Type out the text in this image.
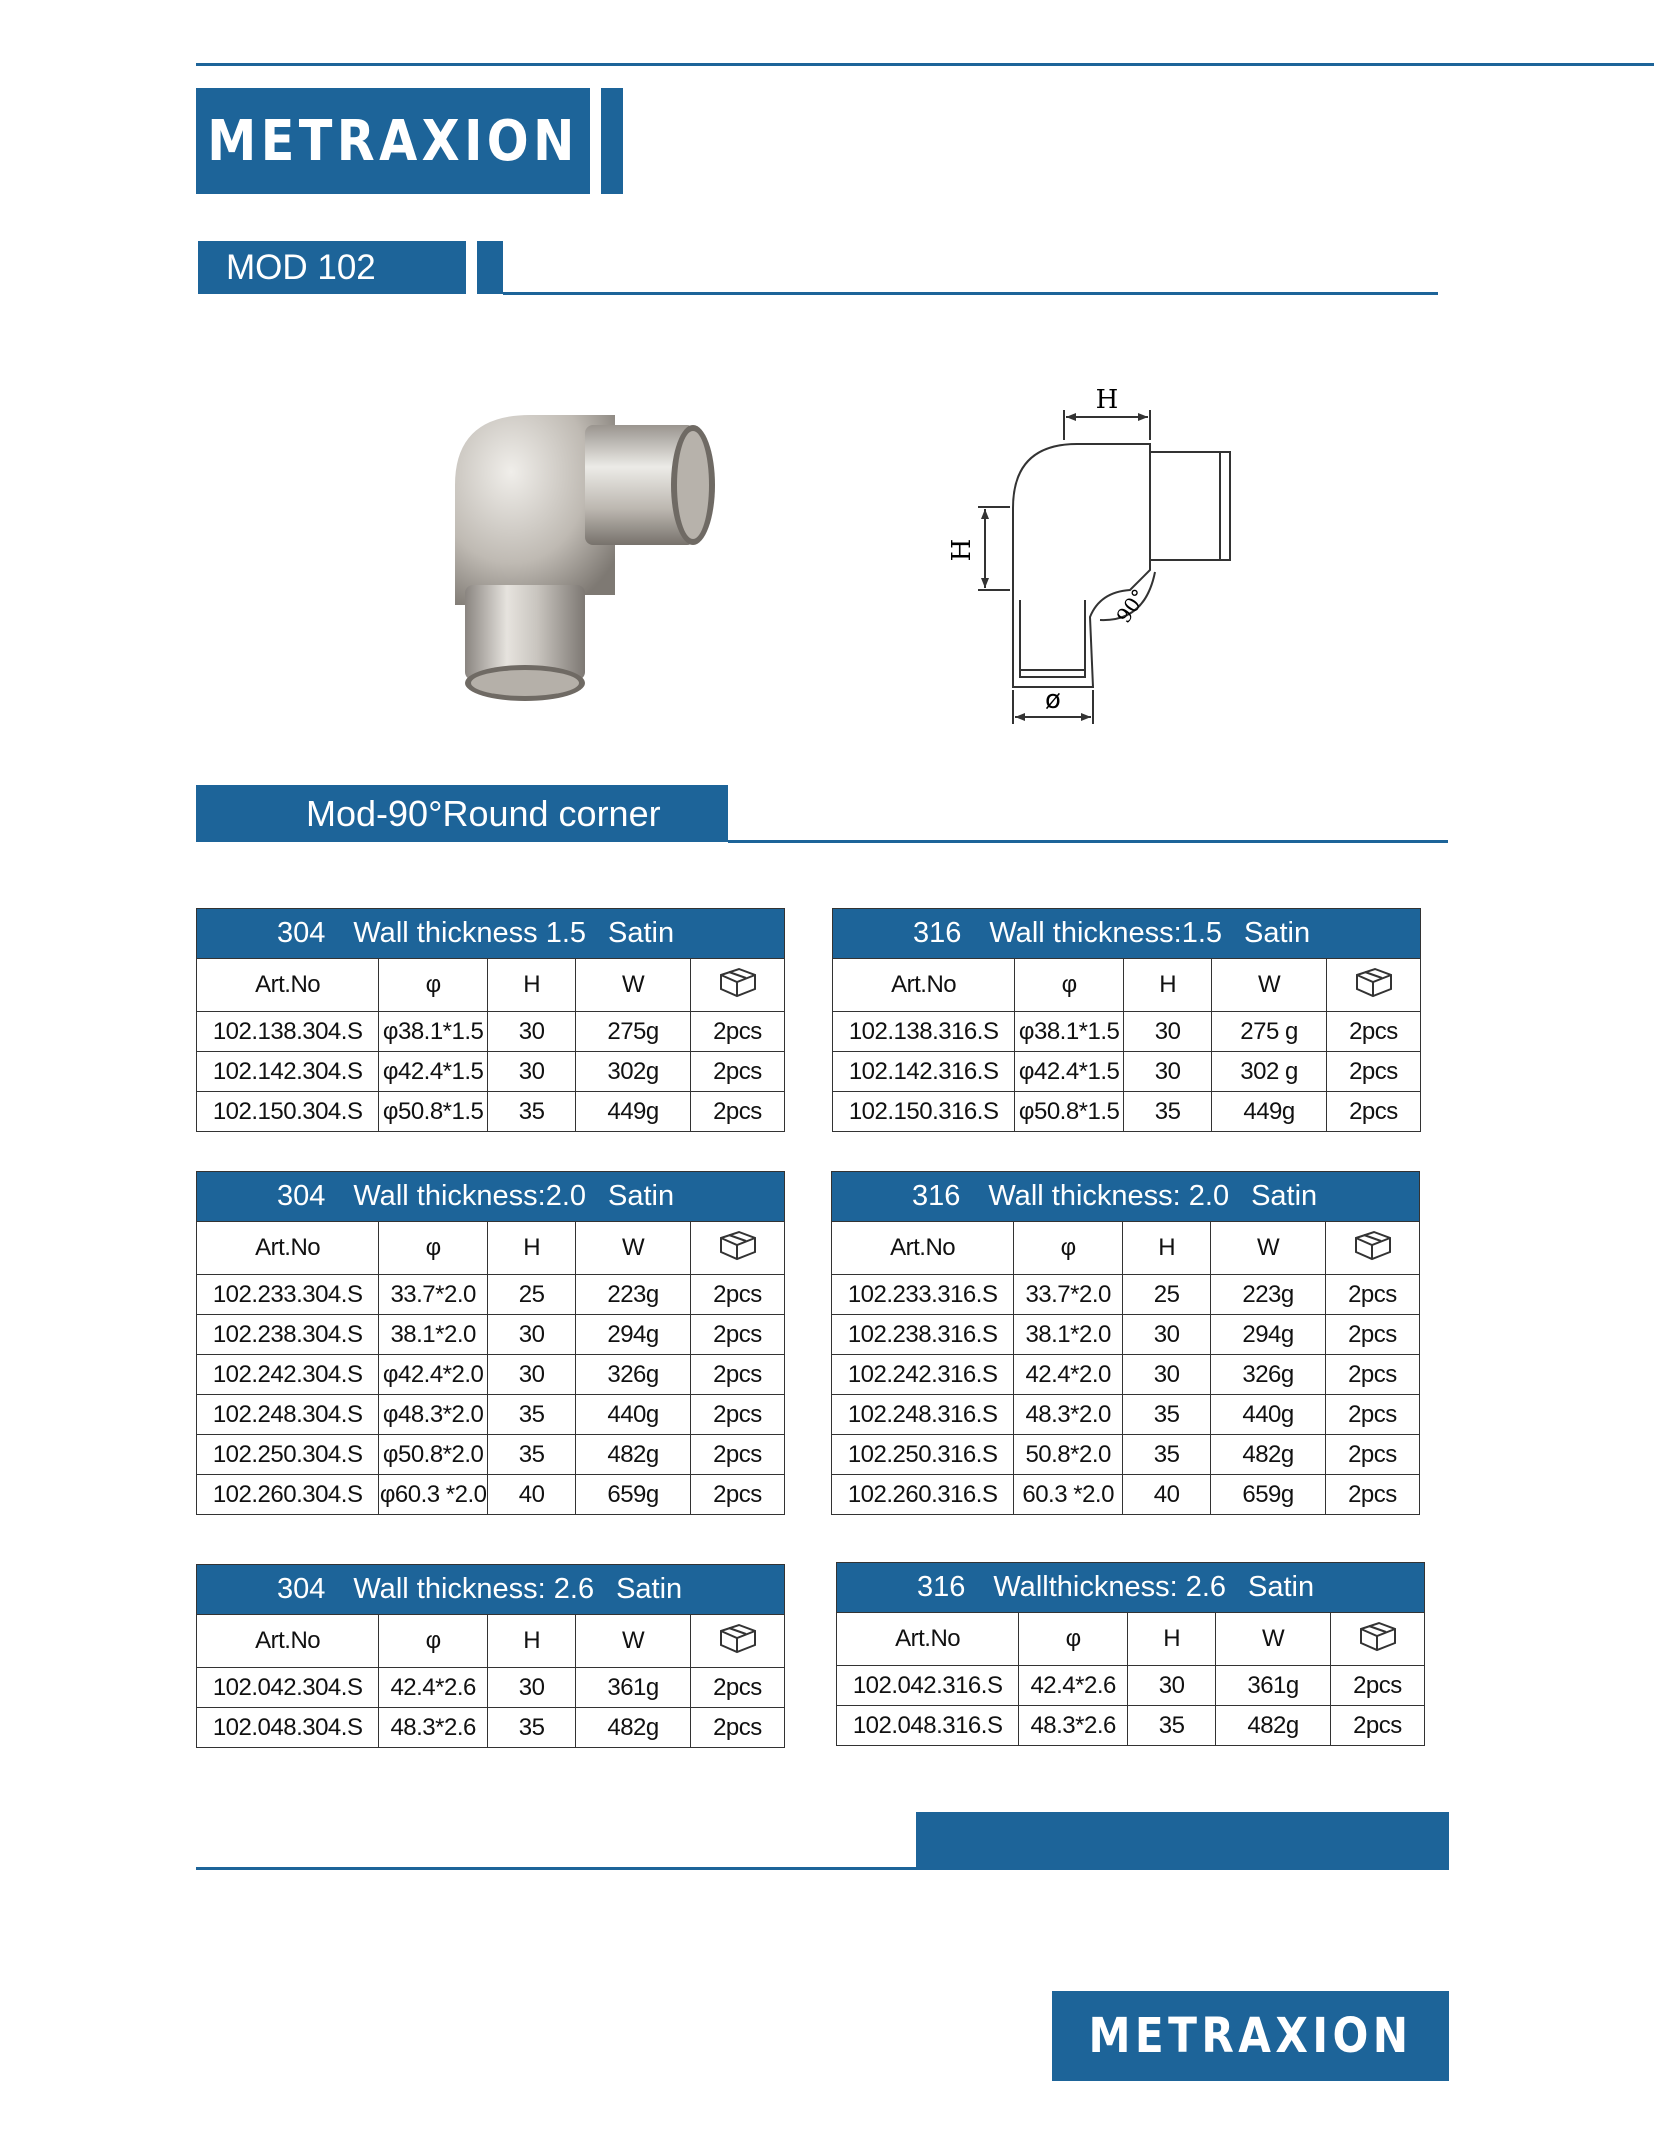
METRAXION
MOD 102
H
H
ø
90°
Mod-90°Round corner
304 Wall thickness 1.5 Satin
Art.No	φ	H	W	
102.138.304.S	φ38.1*1.5	30	275g	2pcs
102.142.304.S	φ42.4*1.5	30	302g	2pcs
102.150.304.S	φ50.8*1.5	35	449g	2pcs
316 Wall thickness:1.5 Satin
Art.No	φ	H	W	
102.138.316.S	φ38.1*1.5	30	275 g	2pcs
102.142.316.S	φ42.4*1.5	30	302 g	2pcs
102.150.316.S	φ50.8*1.5	35	449g	2pcs
304 Wall thickness:2.0 Satin
Art.No	φ	H	W	
102.233.304.S	33.7*2.0	25	223g	2pcs
102.238.304.S	38.1*2.0	30	294g	2pcs
102.242.304.S	φ42.4*2.0	30	326g	2pcs
102.248.304.S	φ48.3*2.0	35	440g	2pcs
102.250.304.S	φ50.8*2.0	35	482g	2pcs
102.260.304.S	φ60.3 *2.0	40	659g	2pcs
316 Wall thickness: 2.0 Satin
Art.No	φ	H	W	
102.233.316.S	33.7*2.0	25	223g	2pcs
102.238.316.S	38.1*2.0	30	294g	2pcs
102.242.316.S	42.4*2.0	30	326g	2pcs
102.248.316.S	48.3*2.0	35	440g	2pcs
102.250.316.S	50.8*2.0	35	482g	2pcs
102.260.316.S	60.3 *2.0	40	659g	2pcs
304 Wall thickness: 2.6 Satin
Art.No	φ	H	W	
102.042.304.S	42.4*2.6	30	361g	2pcs
102.048.304.S	48.3*2.6	35	482g	2pcs
316 Wallthickness: 2.6 Satin
Art.No	φ	H	W	
102.042.316.S	42.4*2.6	30	361g	2pcs
102.048.316.S	48.3*2.6	35	482g	2pcs
METRAXION
